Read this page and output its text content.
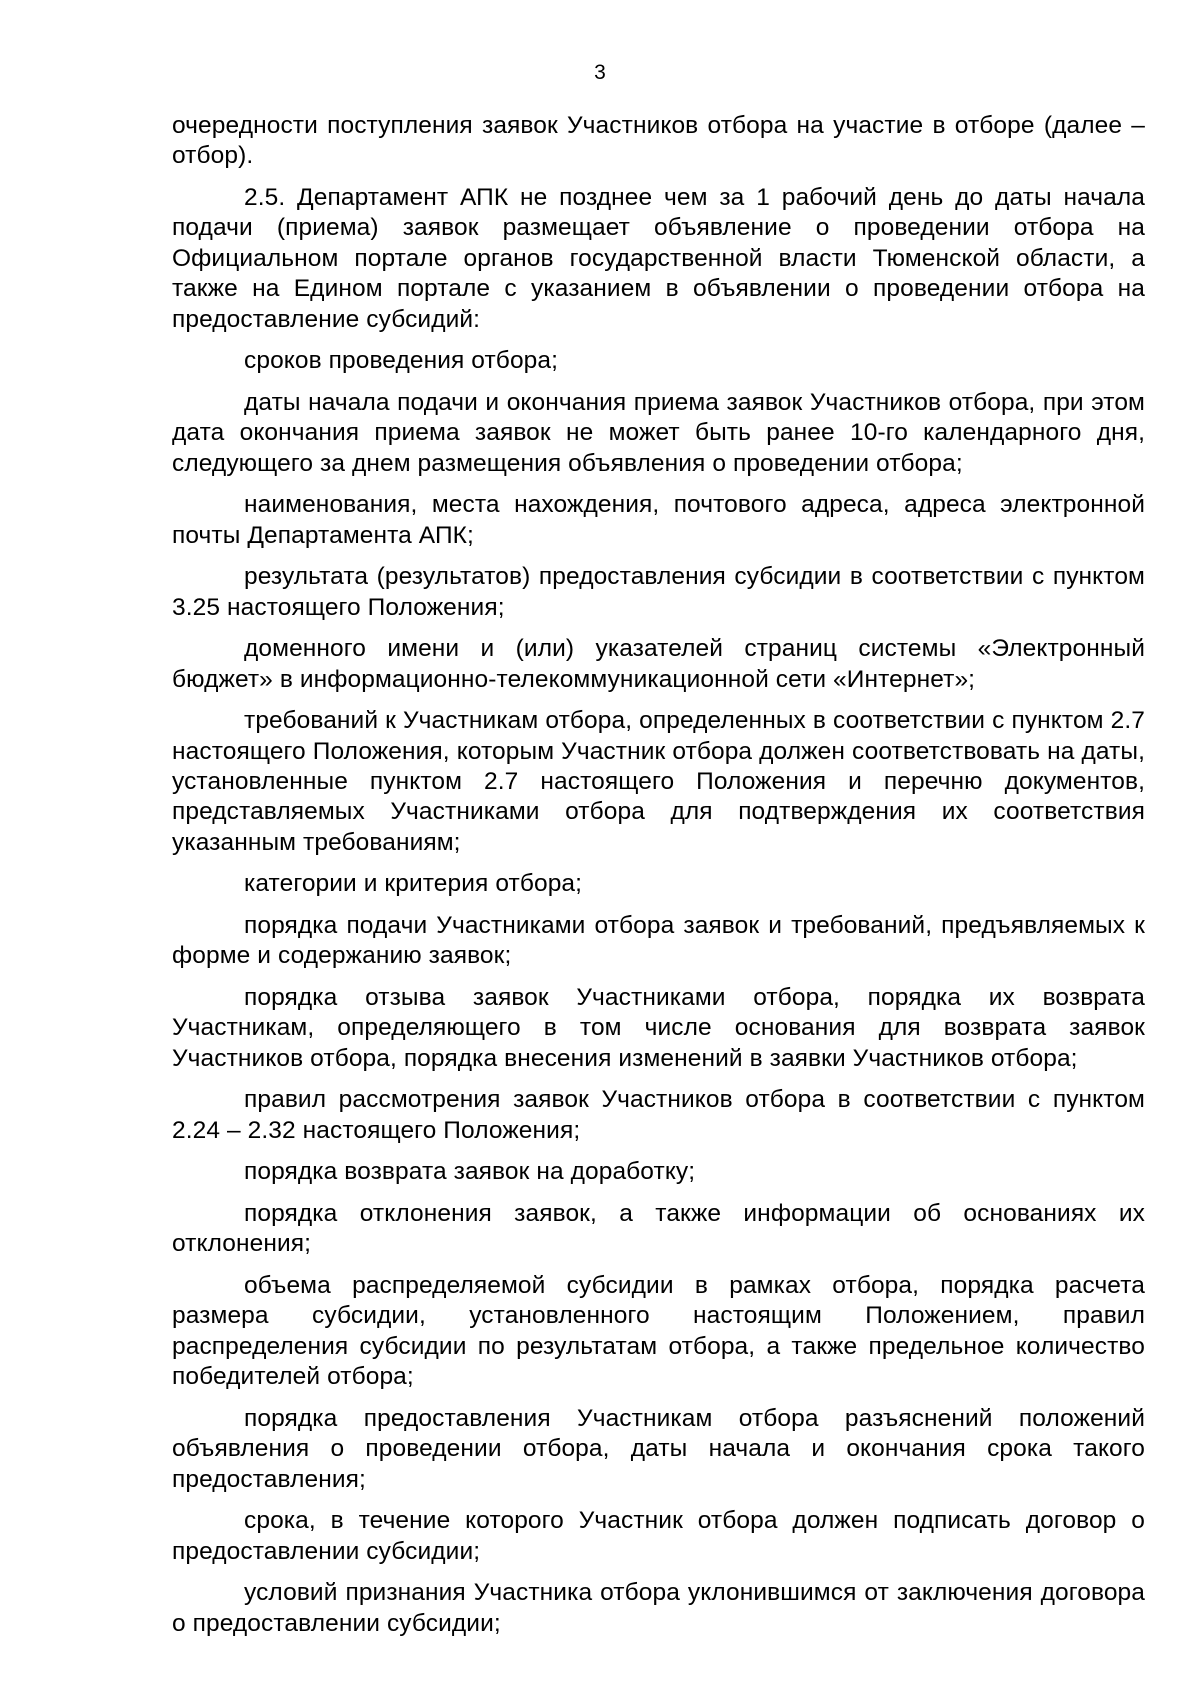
3

очередности поступления заявок Участников отбора на участие в отборе (далее – отбор).

2.5. Департамент АПК не позднее чем за 1 рабочий день до даты начала подачи (приема) заявок размещает объявление о проведении отбора на Официальном портале органов государственной власти Тюменской области, а также на Едином портале с указанием в объявлении о проведении отбора на предоставление субсидий:

сроков проведения отбора;

даты начала подачи и окончания приема заявок Участников отбора, при этом дата окончания приема заявок не может быть ранее 10-го календарного дня, следующего за днем размещения объявления о проведении отбора;

наименования, места нахождения, почтового адреса, адреса электронной почты Департамента АПК;

результата (результатов) предоставления субсидии в соответствии с пунктом 3.25 настоящего Положения;

доменного имени и (или) указателей страниц системы «Электронный бюджет» в информационно-телекоммуникационной сети «Интернет»;

требований к Участникам отбора, определенных в соответствии с пунктом 2.7 настоящего Положения, которым Участник отбора должен соответствовать на даты, установленные пунктом 2.7 настоящего Положения и перечню документов, представляемых Участниками отбора для подтверждения их соответствия указанным требованиям;

категории и критерия отбора;

порядка подачи Участниками отбора заявок и требований, предъявляемых к форме и содержанию заявок;

порядка отзыва заявок Участниками отбора, порядка их возврата Участникам, определяющего в том числе основания для возврата заявок Участников отбора, порядка внесения изменений в заявки Участников отбора;

правил рассмотрения заявок Участников отбора в соответствии с пунктом 2.24 – 2.32 настоящего Положения;

порядка возврата заявок на доработку;

порядка отклонения заявок, а также информации об основаниях их отклонения;

объема распределяемой субсидии в рамках отбора, порядка расчета размера субсидии, установленного настоящим Положением, правил распределения субсидии по результатам отбора, а также предельное количество победителей отбора;

порядка предоставления Участникам отбора разъяснений положений объявления о проведении отбора, даты начала и окончания срока такого предоставления;

срока, в течение которого Участник отбора должен подписать договор о предоставлении субсидии;

условий признания Участника отбора уклонившимся от заключения договора о предоставлении субсидии;
